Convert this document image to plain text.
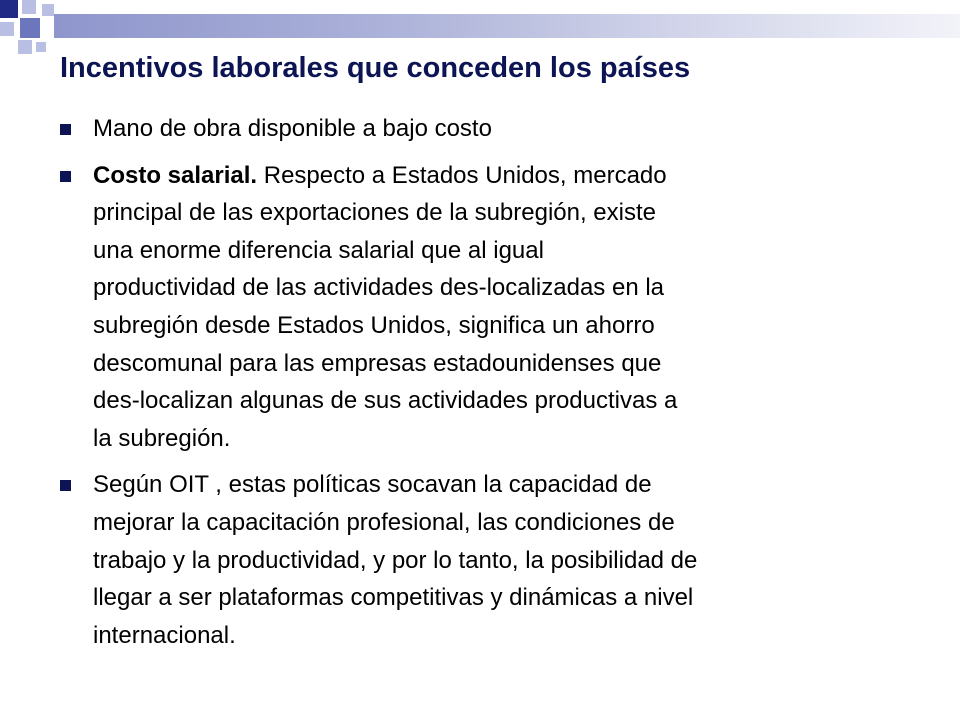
Incentivos laborales que conceden los países
Mano de obra disponible a bajo costo
Costo salarial. Respecto a Estados Unidos, mercado
principal de las exportaciones de la subregión, existe
una enorme diferencia salarial que al igual
productividad de las actividades des-localizadas en la
subregión desde Estados Unidos, significa un ahorro
descomunal para las empresas estadounidenses que
des-localizan algunas de sus actividades productivas a
la subregión.
Según OIT , estas políticas socavan la capacidad de
mejorar la capacitación profesional, las condiciones de
trabajo y la productividad, y por lo tanto, la posibilidad de
llegar a ser plataformas competitivas y dinámicas a nivel
internacional.
